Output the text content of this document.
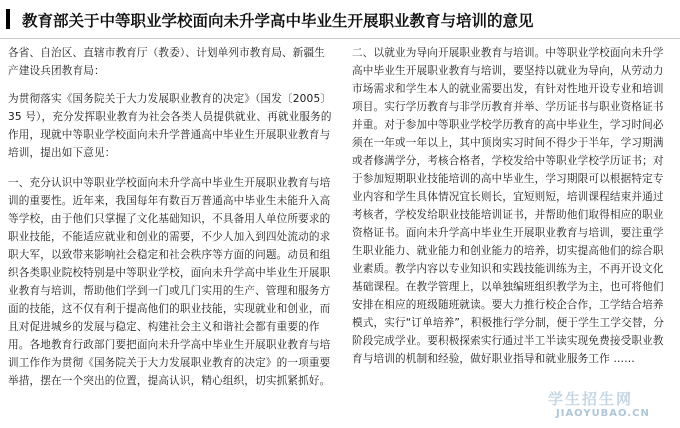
教育部关于中等职业学校面向未升学高中毕业生开展职业教育与培训的意见

各省、自治区、直辖市教育厅（教委）、计划单列市教育局、新疆生产建设兵团教育局：

为贯彻落实《国务院关于大力发展职业教育的决定》（国发〔2005〕35 号），充分发挥职业教育为社会各类人员提供就业、再就业服务的作用，现就中等职业学校面向未升学普通高中毕业生开展职业教育与培训，提出如下意见：

一、充分认识中等职业学校面向未升学高中毕业生开展职业教育与培训的重要性。近年来，我国每年有数百万普通高中毕业生未能升入高等学校，由于他们只掌握了文化基础知识，不具备用人单位所要求的职业技能，不能适应就业和创业的需要，不少人加入到四处流动的求职大军，以致带来影响社会稳定和社会秩序等方面的问题。动员和组织各类职业院校特别是中等职业学校，面向未升学高中毕业生开展职业教育与培训，帮助他们学到一门或几门实用的生产、管理和服务方面的技能，这不仅有利于提高他们的职业技能，实现就业和创业，而且对促进城乡的发展与稳定、构建社会主义和谐社会都有重要的作用。各地教育行政部门要把面向未升学高中毕业生开展职业教育与培训工作作为贯彻《国务院关于大力发展职业教育的决定》的一项重要举措，摆在一个突出的位置，提高认识，精心组织，切实抓紧抓好。

二、以就业为导向开展职业教育与培训。中等职业学校面向未升学高中毕业生开展职业教育与培训，要坚持以就业为导向，从劳动力市场需求和学生本人的就业需要出发，有针对性地开设专业和培训项目。实行学历教育与非学历教育并举、学历证书与职业资格证书并重。对于参加中等职业学校学历教育的高中毕业生，学习时间必须在一年或一年以上，其中顶岗实习时间不得少于半年，学习期满或者修满学分，考核合格者，学校发给中等职业学校学历证书；对于参加短期职业技能培训的高中毕业生，学习期限可以根据特定专业内容和学生具体情况宜长则长，宜短则短，培训课程结束并通过考核者，学校发给职业技能培训证书，并帮助他们取得相应的职业资格证书。面向未升学高中毕业生开展职业教育与培训，要注重学生职业能力、就业能力和创业能力的培养，切实提高他们的综合职业素质。教学内容以专业知识和实践技能训练为主，不再开设文化基础课程。在教学管理上，以单独编班组织教学为主，也可将他们安排在相应的班级随班就读。要大力推行校企合作，工学结合培养模式，实行“订单培养”，积极推行学分制，便于学生工学交替，分阶段完成学业。要积极探索实行通过半工半读实现免费接受职业教育与培训的机制和经验，做好职业指导和就业服务工作 ……

学生招生网
JIAOYUBAO.CN
